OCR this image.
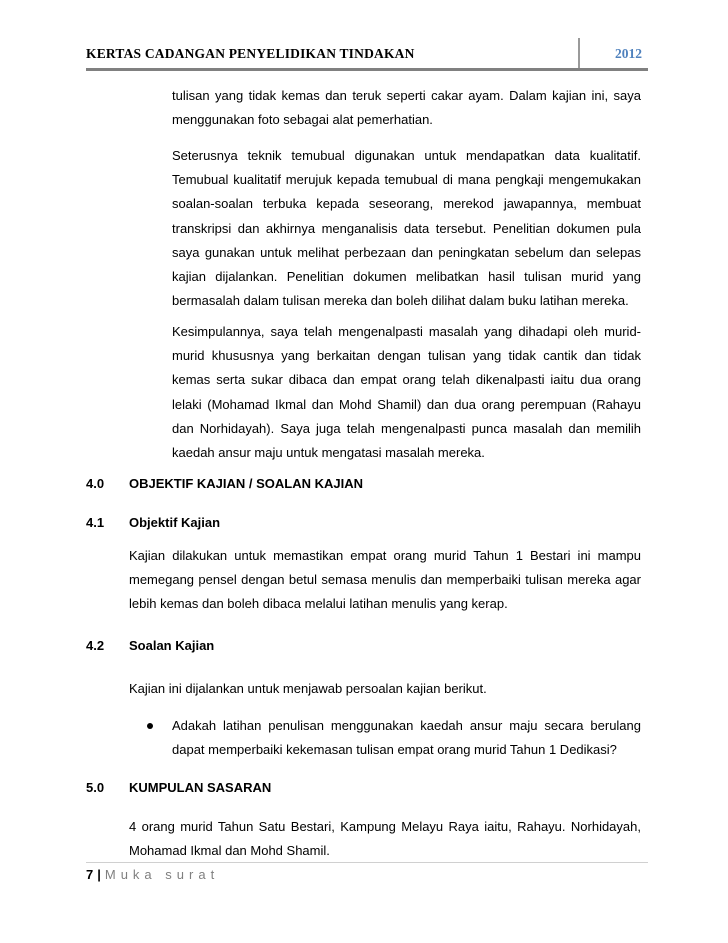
KERTAS CADANGAN PENYELIDIKAN TINDAKAN	2012
tulisan yang tidak kemas dan teruk seperti cakar ayam. Dalam kajian ini, saya menggunakan foto sebagai alat pemerhatian.
Seterusnya teknik temubual digunakan untuk mendapatkan data kualitatif. Temubual kualitatif merujuk kepada temubual di mana pengkaji mengemukakan soalan-soalan terbuka kepada seseorang, merekod jawapannya, membuat transkripsi dan akhirnya menganalisis data tersebut. Penelitian dokumen pula saya gunakan untuk melihat perbezaan dan peningkatan sebelum dan selepas kajian dijalankan. Penelitian dokumen melibatkan hasil tulisan murid yang bermasalah dalam tulisan mereka dan boleh dilihat dalam buku latihan mereka.
Kesimpulannya, saya telah mengenalpasti masalah yang dihadapi oleh murid-murid khususnya yang berkaitan dengan tulisan yang tidak cantik dan tidak kemas serta sukar dibaca dan empat orang telah dikenalpasti iaitu dua orang lelaki (Mohamad Ikmal dan Mohd Shamil) dan dua orang perempuan (Rahayu dan Norhidayah). Saya juga telah mengenalpasti punca masalah dan memilih kaedah ansur maju untuk mengatasi masalah mereka.
4.0 OBJEKTIF KAJIAN / SOALAN KAJIAN
4.1 Objektif Kajian
Kajian dilakukan untuk memastikan empat orang murid Tahun 1 Bestari ini mampu memegang pensel dengan betul semasa menulis dan memperbaiki tulisan mereka agar lebih kemas dan boleh dibaca melalui latihan menulis yang kerap.
4.2 Soalan Kajian
Kajian ini dijalankan untuk menjawab persoalan kajian berikut.
Adakah latihan penulisan menggunakan kaedah ansur maju secara berulang dapat memperbaiki kekemasan tulisan empat orang murid Tahun 1 Dedikasi?
5.0 KUMPULAN SASARAN
4 orang murid Tahun Satu Bestari, Kampung Melayu Raya iaitu, Rahayu. Norhidayah, Mohamad Ikmal dan Mohd Shamil.
7 | Muka surat
